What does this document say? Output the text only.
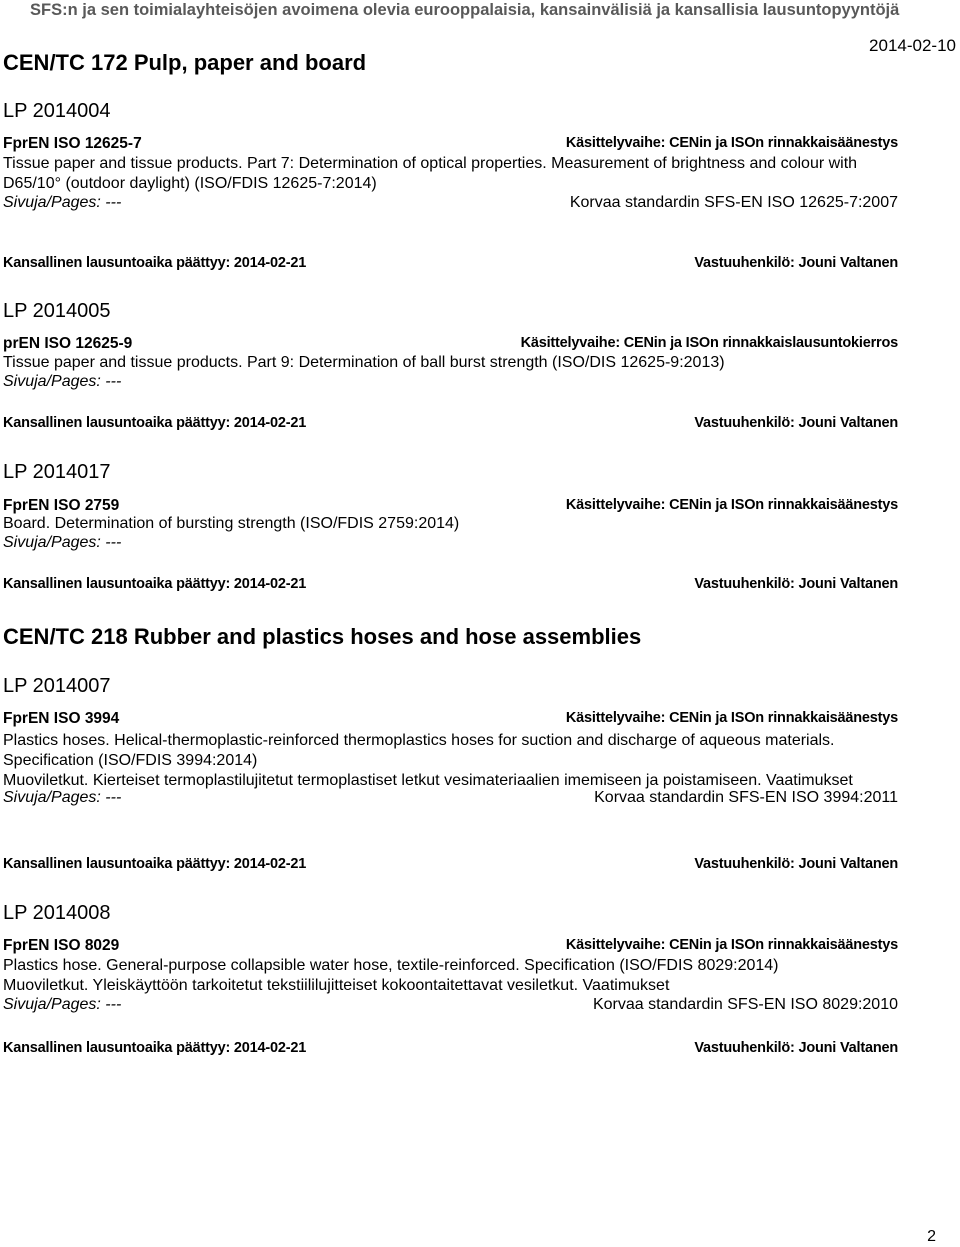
SFS:n ja sen toimialayhteisöjen avoimena olevia eurooppalaisia, kansainvälisiä ja kansallisia lausuntopyyntöjä
CEN/TC 172 Pulp, paper and board
2014-02-10
LP 2014004
FprEN ISO 12625-7	Käsittelyvaihe: CENin ja ISOn rinnakkaisäänestys
Tissue paper and tissue products. Part 7: Determination of optical properties. Measurement of brightness and colour with
D65/10° (outdoor daylight) (ISO/FDIS 12625-7:2014)
Sivuja/Pages: ---	Korvaa standardin SFS-EN ISO 12625-7:2007
Kansallinen lausuntoaika päättyy: 2014-02-21	Vastuuhenkilö: Jouni Valtanen
LP 2014005
prEN ISO 12625-9	Käsittelyvaihe: CENin ja ISOn rinnakkaislausuntokierros
Tissue paper and tissue products. Part 9: Determination of ball burst strength (ISO/DIS 12625-9:2013)
Sivuja/Pages: ---
Kansallinen lausuntoaika päättyy: 2014-02-21	Vastuuhenkilö: Jouni Valtanen
LP 2014017
FprEN ISO 2759	Käsittelyvaihe: CENin ja ISOn rinnakkaisäänestys
Board. Determination of bursting strength (ISO/FDIS 2759:2014)
Sivuja/Pages: ---
Kansallinen lausuntoaika päättyy: 2014-02-21	Vastuuhenkilö: Jouni Valtanen
CEN/TC 218 Rubber and plastics hoses and hose assemblies
LP 2014007
FprEN ISO 3994	Käsittelyvaihe: CENin ja ISOn rinnakkaisäänestys
Plastics hoses. Helical-thermoplastic-reinforced thermoplastics hoses for suction and discharge of aqueous materials.
Specification (ISO/FDIS 3994:2014)
Muoviletkut. Kierteiset termoplastilujitetut termoplastiset letkut vesimateriaalien imemiseen ja poistamiseen. Vaatimukset
Sivuja/Pages: ---	Korvaa standardin SFS-EN ISO 3994:2011
Kansallinen lausuntoaika päättyy: 2014-02-21	Vastuuhenkilö: Jouni Valtanen
LP 2014008
FprEN ISO 8029	Käsittelyvaihe: CENin ja ISOn rinnakkaisäänestys
Plastics hose. General-purpose collapsible water hose, textile-reinforced. Specification (ISO/FDIS 8029:2014)
Muoviletkut. Yleiskäyttöön tarkoitetut tekstiililujitteiset kokoontaitettavat vesiletkut. Vaatimukset
Sivuja/Pages: ---	Korvaa standardin SFS-EN ISO 8029:2010
Kansallinen lausuntoaika päättyy: 2014-02-21	Vastuuhenkilö: Jouni Valtanen
2
